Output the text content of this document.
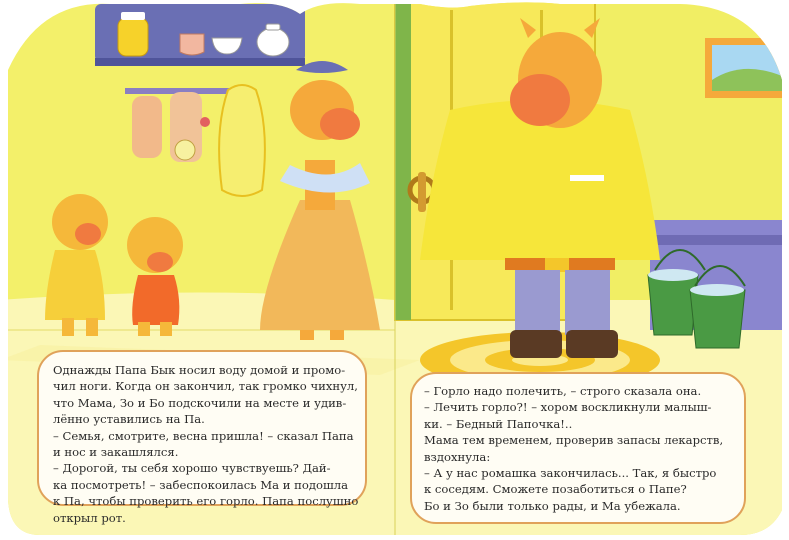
Однажды Папа Бык носил воду домой и промо-

чил ноги. Когда он закончил, так громко чихнул,

что Мама, Зо и Бо подскочили на месте и удив-

лённо уставились на Па.

– Семья, смотрите, весна пришла! – сказал Папа

и нос и закашлялся.

– Дорогой, ты себя хорошо чувствуешь? Дай-

ка посмотреть! – забеспокоилась Ма и подошла

к Па, чтобы проверить его горло. Папа послушно

открыл рот.

– Горло надо полечить, – строго сказала она.

– Лечить горло?! – хором воскликнули малыш-

ки. – Бедный Папочка!..

Мама тем временем, проверив запасы лекарств,

вздохнула:

– А у нас ромашка закончилась... Так, я быстро

к соседям. Сможете позаботиться о Папе?

Бо и Зо были только рады, и Ма убежала.
